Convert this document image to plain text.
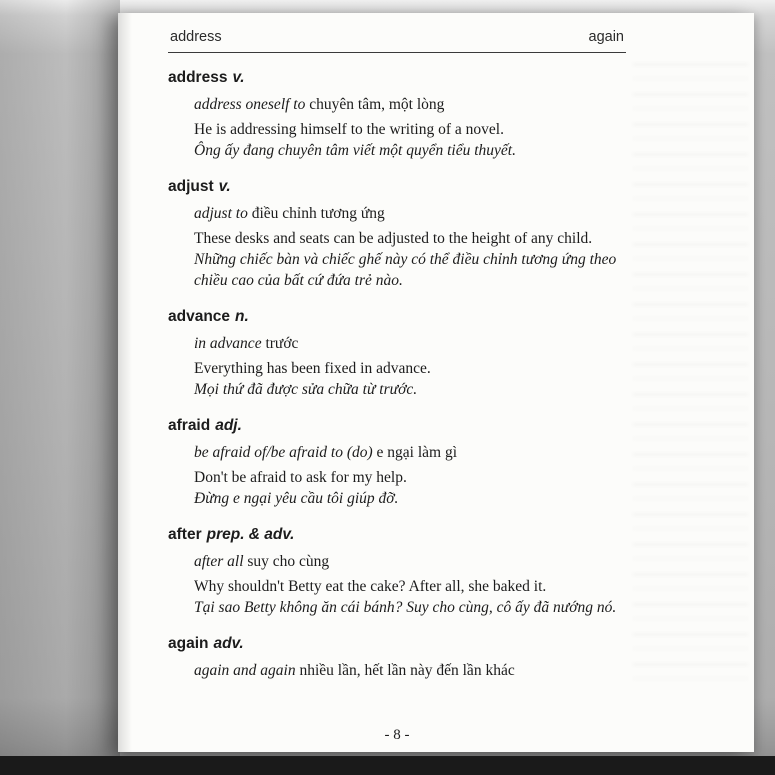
address	again
address v.
address oneself to chuyên tâm, một lòng

He is addressing himself to the writing of a novel.

Ông ấy đang chuyên tâm viết một quyển tiểu thuyết.

adjust v.
adjust to điều chỉnh tương ứng

These desks and seats can be adjusted to the height of any child.

Những chiếc bàn và chiếc ghế này có thể điều chỉnh tương ứng theo chiều cao của bất cứ đứa trẻ nào.

advance n.
in advance trước

Everything has been fixed in advance.

Mọi thứ đã được sửa chữa từ trước.

afraid adj.
be afraid of/be afraid to (do) e ngại làm gì

Don't be afraid to ask for my help.

Đừng e ngại yêu cầu tôi giúp đỡ.

after prep. & adv.
after all suy cho cùng

Why shouldn't Betty eat the cake? After all, she baked it.

Tại sao Betty không ăn cái bánh? Suy cho cùng, cô ấy đã nướng nó.

again adv.
again and again nhiều lần, hết lần này đến lần khác
- 8 -
